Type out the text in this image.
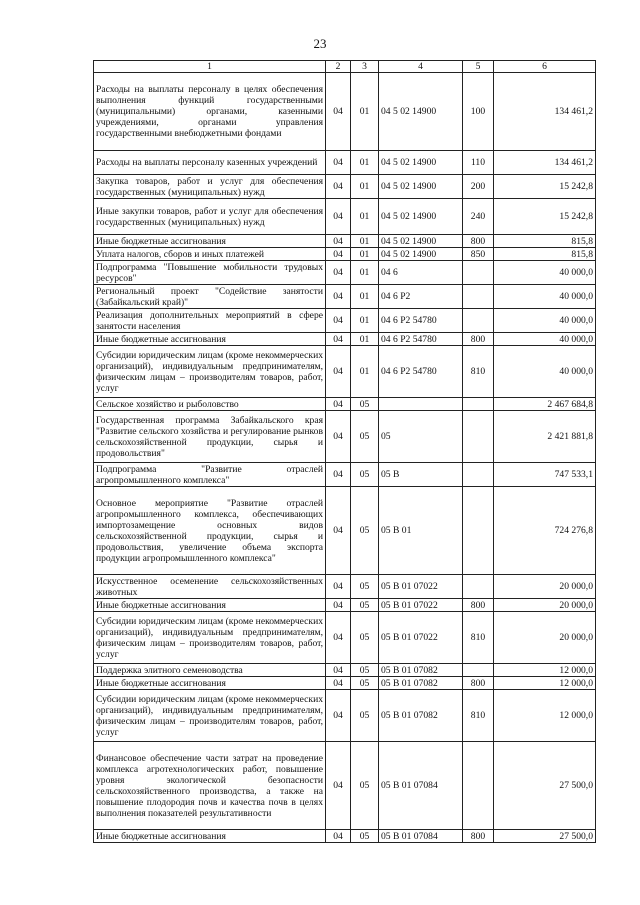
23
1	2	3	4	5	6
Расходы на выплаты персоналу в целях обеспечения выполнения функций государственными (муниципальными) органами, казенными учреждениями, органами управления государственными внебюджетными фондами	04	01	04 5 02 14900	100	134 461,2
Расходы на выплаты персоналу казенных учреждений	04	01	04 5 02 14900	110	134 461,2
Закупка товаров, работ и услуг для обеспечения государственных (муниципальных) нужд	04	01	04 5 02 14900	200	15 242,8
Иные закупки товаров, работ и услуг для обеспечения государственных (муниципальных) нужд	04	01	04 5 02 14900	240	15 242,8
Иные бюджетные ассигнования	04	01	04 5 02 14900	800	815,8
Уплата налогов, сборов и иных платежей	04	01	04 5 02 14900	850	815,8
Подпрограмма "Повышение мобильности трудовых ресурсов"	04	01	04 6		40 000,0
Региональный проект "Содействие занятости (Забайкальский край)"	04	01	04 6 P2		40 000,0
Реализация дополнительных мероприятий в сфере занятости населения	04	01	04 6 P2 54780		40 000,0
Иные бюджетные ассигнования	04	01	04 6 P2 54780	800	40 000,0
Субсидии юридическим лицам (кроме некоммерческих организаций), индивидуальным предпринимателям, физическим лицам – производителям товаров, работ, услуг	04	01	04 6 P2 54780	810	40 000,0
Сельское хозяйство и рыболовство	04	05			2 467 684,8
Государственная программа Забайкальского края "Развитие сельского хозяйства и регулирование рынков сельскохозяйственной продукции, сырья и продовольствия"	04	05	05		2 421 881,8
Подпрограмма "Развитие отраслей агропромышленного комплекса"	04	05	05 В		747 533,1
Основное мероприятие "Развитие отраслей агропромышленного комплекса, обеспечивающих импортозамещение основных видов сельскохозяйственной продукции, сырья и продовольствия, увеличение объема экспорта продукции агропромышленного комплекса"	04	05	05 В 01		724 276,8
Искусственное осеменение сельскохозяйственных животных	04	05	05 В 01 07022		20 000,0
Иные бюджетные ассигнования	04	05	05 В 01 07022	800	20 000,0
Субсидии юридическим лицам (кроме некоммерческих организаций), индивидуальным предпринимателям, физическим лицам – производителям товаров, работ, услуг	04	05	05 В 01 07022	810	20 000,0
Поддержка элитного семеноводства	04	05	05 В 01 07082		12 000,0
Иные бюджетные ассигнования	04	05	05 В 01 07082	800	12 000,0
Субсидии юридическим лицам (кроме некоммерческих организаций), индивидуальным предпринимателям, физическим лицам – производителям товаров, работ, услуг	04	05	05 В 01 07082	810	12 000,0
Финансовое обеспечение части затрат на проведение комплекса агротехнологических работ, повышение уровня экологической безопасности сельскохозяйственного производства, а также на повышение плодородия почв и качества почв в целях выполнения показателей результативности	04	05	05 В 01 07084		27 500,0
Иные бюджетные ассигнования	04	05	05 В 01 07084	800	27 500,0
